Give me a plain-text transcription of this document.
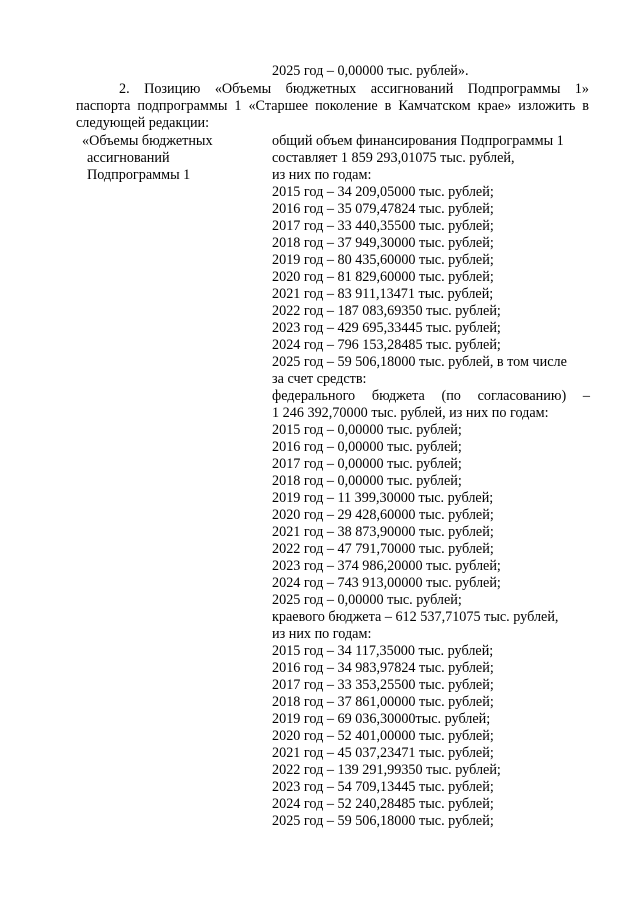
2025 год – 0,00000 тыс. рублей».
2. Позицию «Объемы бюджетных ассигнований Подпрограммы 1»
паспорта подпрограммы 1 «Старшее поколение в Камчатском крае» изложить в
следующей редакции:
«Объемы бюджетных
ассигнований
Подпрограммы 1
общий объем финансирования Подпрограммы 1
составляет 1 859 293,01075 тыс. рублей,
из них по годам:
2015 год – 34 209,05000 тыс. рублей;
2016 год – 35 079,47824 тыс. рублей;
2017 год – 33 440,35500 тыс. рублей;
2018 год – 37 949,30000 тыс. рублей;
2019 год – 80 435,60000 тыс. рублей;
2020 год – 81 829,60000 тыс. рублей;
2021 год – 83 911,13471 тыс. рублей;
2022 год – 187 083,69350 тыс. рублей;
2023 год – 429 695,33445 тыс. рублей;
2024 год – 796 153,28485 тыс. рублей;
2025 год – 59 506,18000 тыс. рублей, в том числе
за счет средств:
федерального бюджета (по согласованию) –
1 246 392,70000 тыс. рублей, из них по годам:
2015 год – 0,00000 тыс. рублей;
2016 год – 0,00000 тыс. рублей;
2017 год – 0,00000 тыс. рублей;
2018 год – 0,00000 тыс. рублей;
2019 год – 11 399,30000 тыс. рублей;
2020 год – 29 428,60000 тыс. рублей;
2021 год – 38 873,90000 тыс. рублей;
2022 год – 47 791,70000 тыс. рублей;
2023 год – 374 986,20000 тыс. рублей;
2024 год – 743 913,00000 тыс. рублей;
2025 год – 0,00000 тыс. рублей;
краевого бюджета – 612 537,71075 тыс. рублей,
из них по годам:
2015 год – 34 117,35000 тыс. рублей;
2016 год – 34 983,97824 тыс. рублей;
2017 год – 33 353,25500 тыс. рублей;
2018 год – 37 861,00000 тыс. рублей;
2019 год – 69 036,30000тыс. рублей;
2020 год – 52 401,00000 тыс. рублей;
2021 год – 45 037,23471 тыс. рублей;
2022 год – 139 291,99350 тыс. рублей;
2023 год – 54 709,13445 тыс. рублей;
2024 год – 52 240,28485 тыс. рублей;
2025 год – 59 506,18000 тыс. рублей;
